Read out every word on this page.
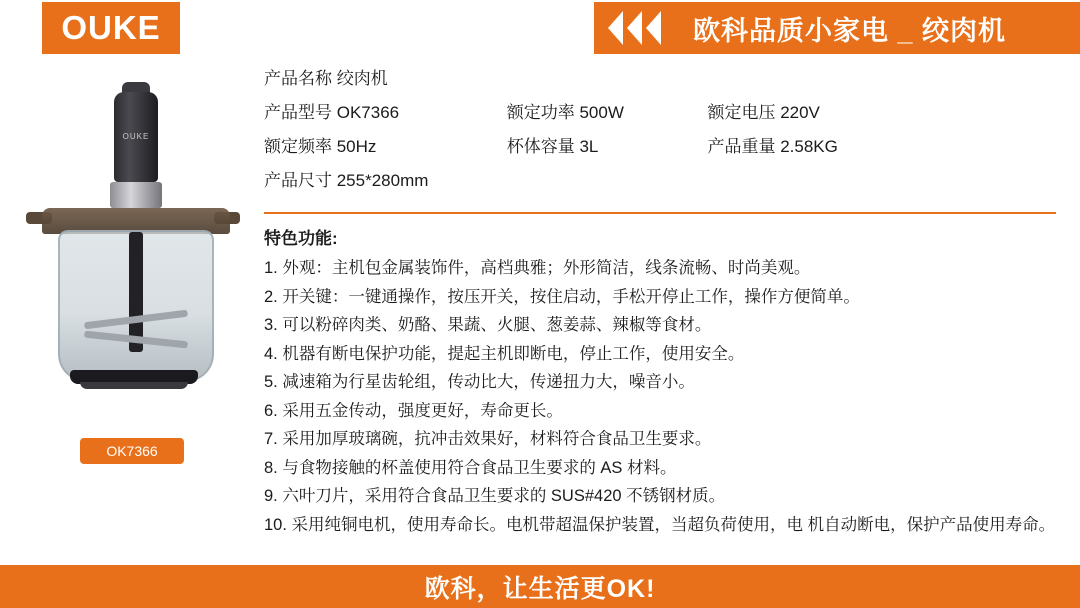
OUKE	欧科品质小家电 _ 绞肉机
OUKE
OK7366
产品名称 绞肉机
产品型号 OK7366	额定功率 500W	额定电压 220V
额定频率 50Hz	杯体容量 3L	产品重量 2.58KG
产品尺寸 255*280mm
特色功能:
1. 外观：主机包金属装饰件，高档典雅；外形简洁，线条流畅、时尚美观。
2. 开关键：一键通操作，按压开关，按住启动，手松开停止工作，操作方便简单。
3. 可以粉碎肉类、奶酪、果蔬、火腿、葱姜蒜、辣椒等食材。
4. 机器有断电保护功能，提起主机即断电，停止工作，使用安全。
5. 减速箱为行星齿轮组，传动比大，传递扭力大，噪音小。
6. 采用五金传动，强度更好，寿命更长。
7. 采用加厚玻璃碗，抗冲击效果好，材料符合食品卫生要求。
8. 与食物接触的杯盖使用符合食品卫生要求的 AS 材料。
9. 六叶刀片，采用符合食品卫生要求的 SUS#420 不锈钢材质。
10. 采用纯铜电机，使用寿命长。电机带超温保护装置，当超负荷使用，电 机自动断电，保护产品使用寿命。
欧科，让生活更OK!
